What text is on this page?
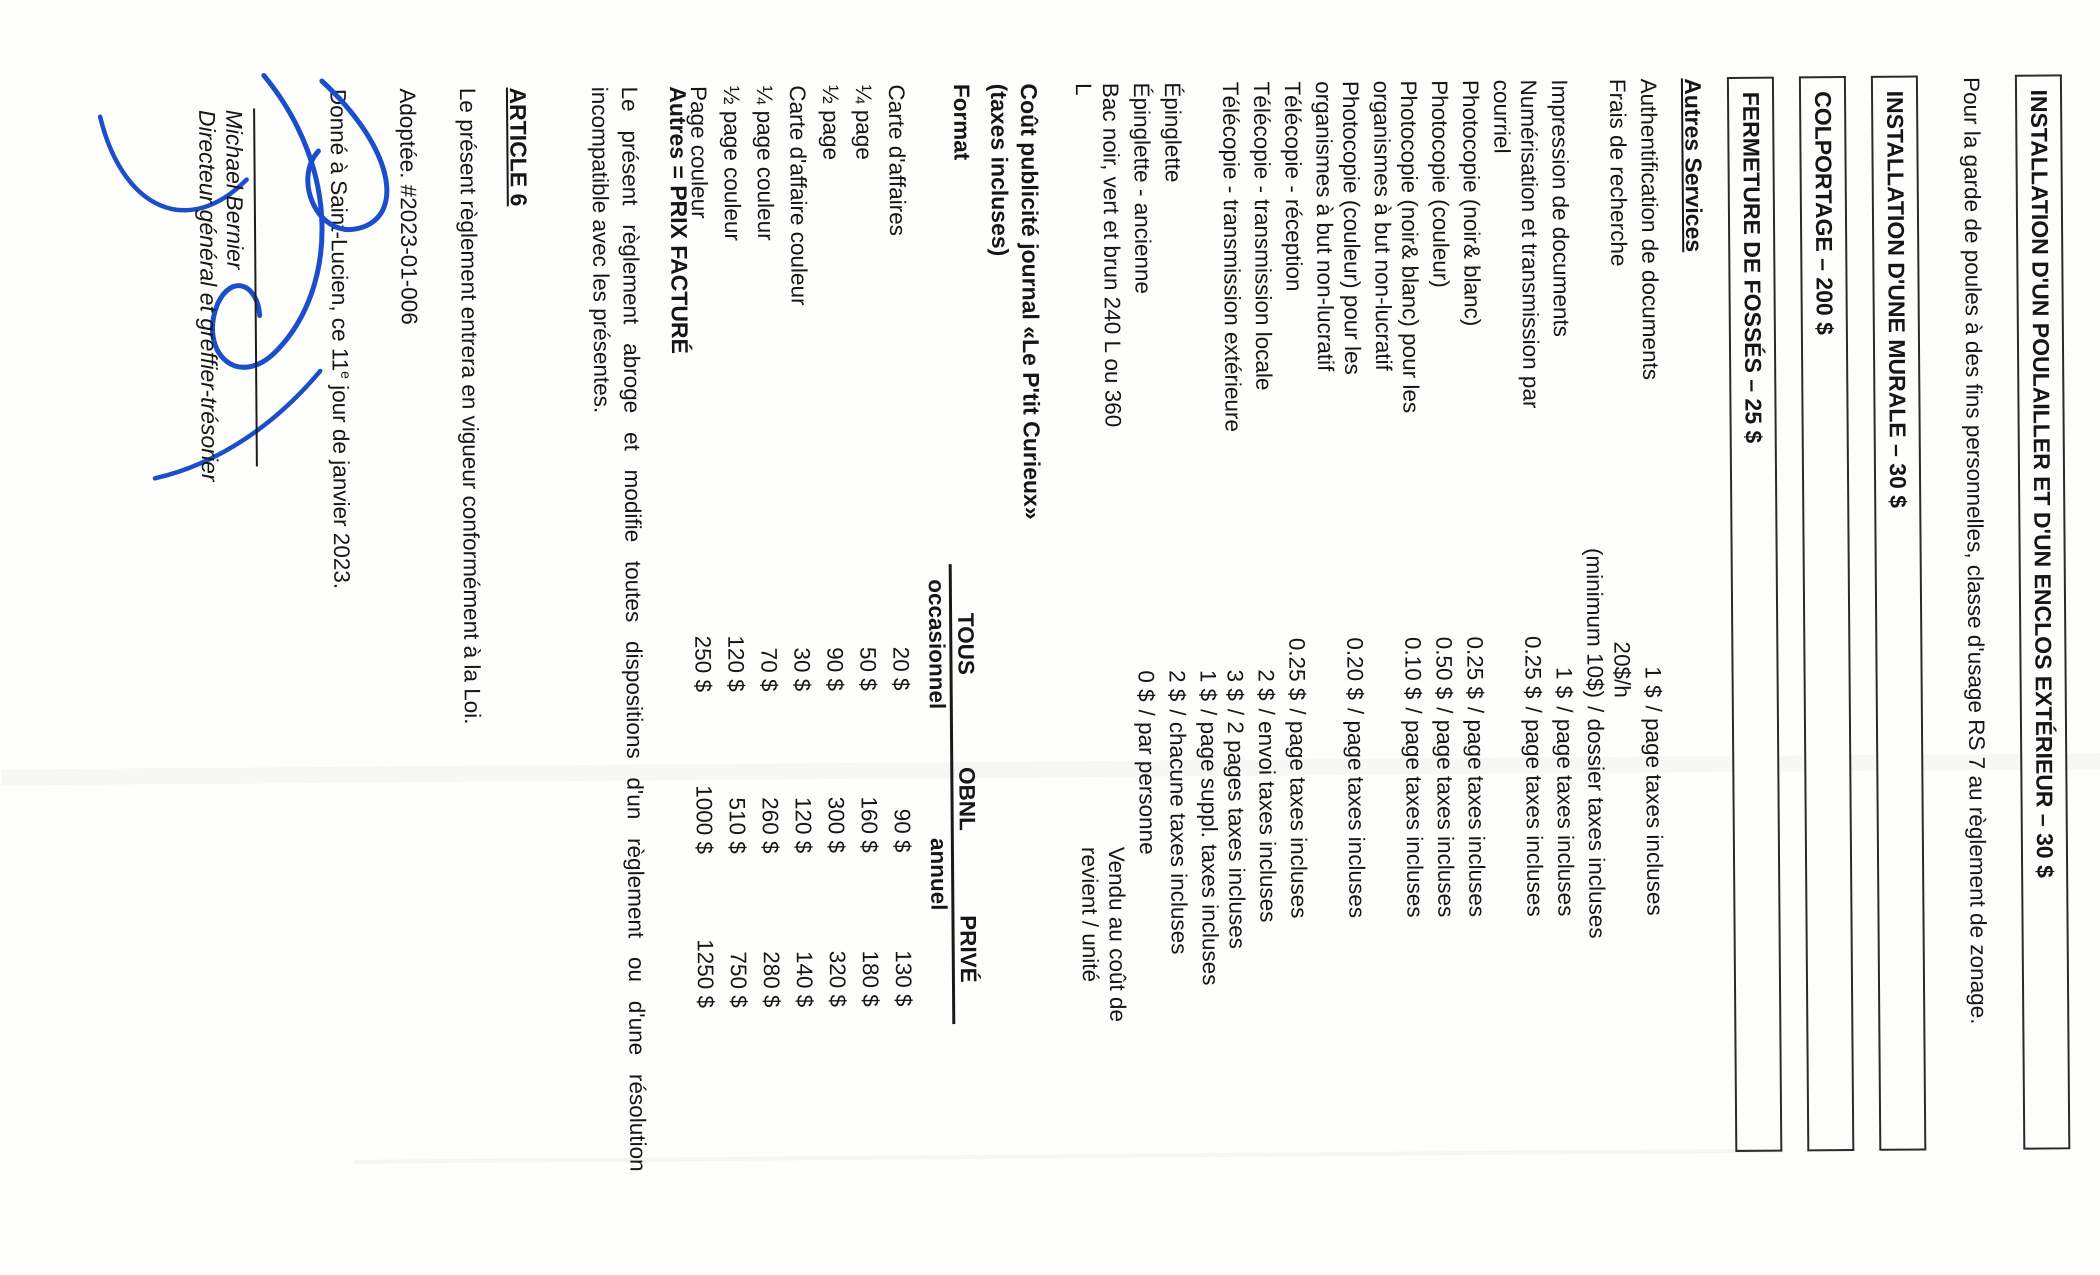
INSTALLATION D'UN POULAILLER ET D'UN ENCLOS EXTÉRIEUR – 30 $
Pour la garde de poules à des fins personnelles, classe d'usage RS 7 au règlement de zonage.
INSTALLATION D'UNE MURALE – 30 $
COLPORTAGE – 200 $
FERMETURE DE FOSSÉS – 25 $
Autres Services
Authentification de documents
1 $
/ page taxes incluses
Frais de recherche
20$/h
(minimum 10$)
/ dossier taxes incluses
Impression de documents
1 $
/ page taxes incluses
Numérisation et transmission par
0.25 $
/ page taxes incluses
courriel
Photocopie (noir& blanc)
0.25 $
/ page taxes incluses
Photocopie (couleur)
0.50 $
/ page taxes incluses
Photocopie (noir& blanc) pour les
0.10 $
/ page taxes incluses
organismes à but non-lucratif
Photocopie (couleur) pour les
0.20 $
/ page taxes incluses
organismes à but non-lucratif
Télécopie - réception
0.25 $
/ page taxes incluses
Télécopie - transmission locale
2 $
/ envoi taxes incluses
Télécopie - transmission extérieure
3 $
/ 2 pages taxes incluses
1 $
/ page suppl. taxes incluses
Épinglette
2 $
/ chacune taxes incluses
Épinglette - ancienne
0 $
/ par personne
Bac noir, vert et brun 240 L ou 360
Vendu au coût de
L
revient / unité
Coût publicité journal «Le P'tit Curieux»
(taxes incluses)
Format
TOUS
OBNL
PRIVÉ
occasionnel
annuel
Carte d'affaires
20 $
90 $
130 $
¼ page
50 $
160 $
180 $
½ page
90 $
300 $
320 $
Carte d'affaire couleur
30 $
120 $
140 $
¼ page couleur
70 $
260 $
280 $
½ page couleur
120 $
510 $
750 $
Page couleur
250 $
1000 $
1250 $
Autres = PRIX FACTURÉ
Le présent règlement abroge et modifie toutes dispositions d'un règlement ou d'une résolution
incompatible avec les présentes.
ARTICLE 6
Le présent règlement entrera en vigueur conformément à la Loi.
Adoptée. #2023-01-006
Donné à Saint-Lucien, ce 11e jour de janvier 2023.
Michael Bernier
Directeur général et greffier-trésorier
